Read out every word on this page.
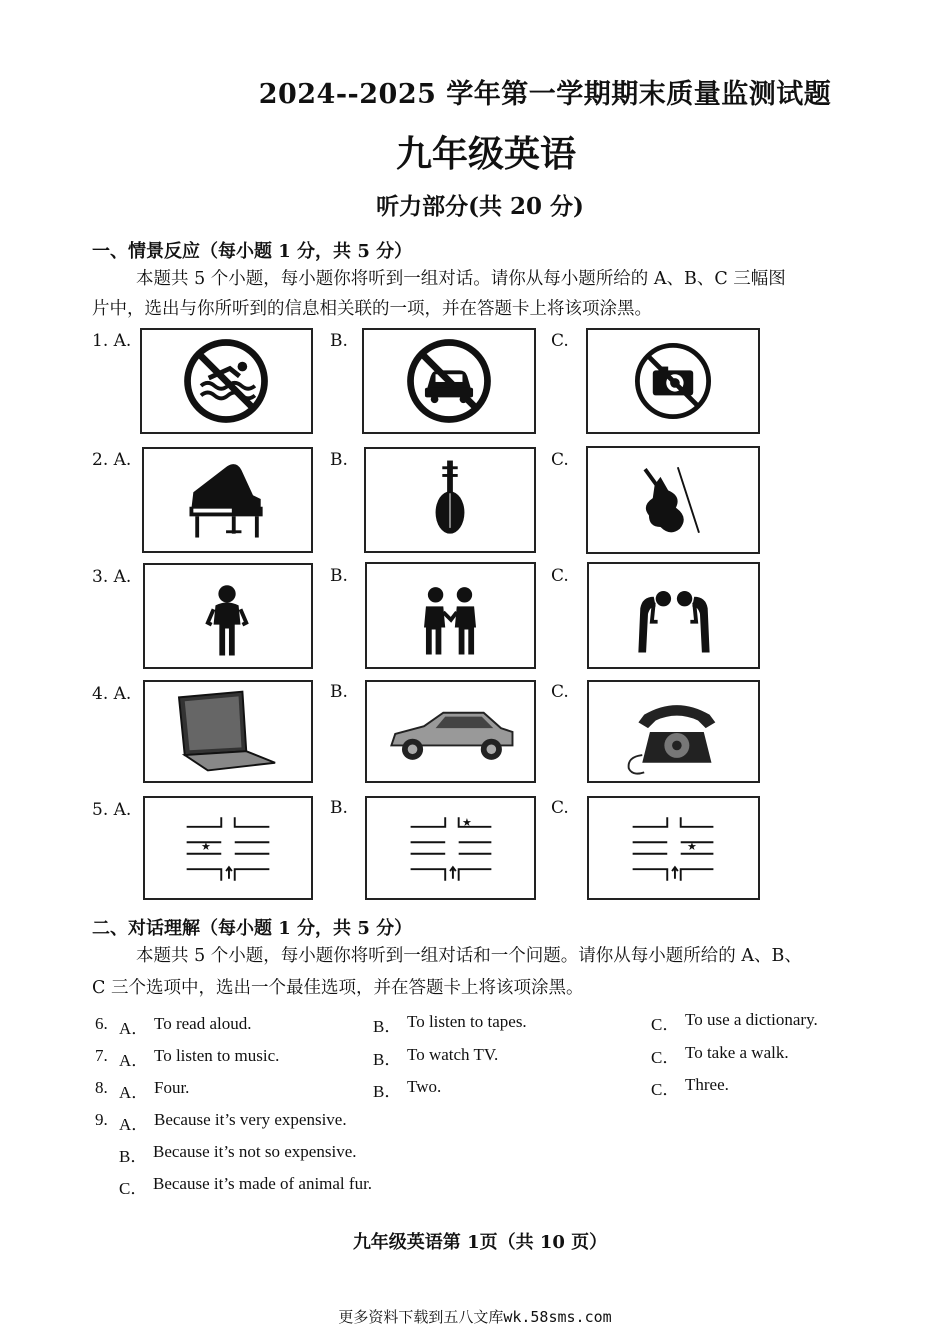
2024--2025 学年第一学期期末质量监测试题
九年级英语
听力部分(共 20 分)
一、情景反应（每小题 1 分，共 5 分）
本题共 5 个小题，每小题你将听到一组对话。请你从每小题所给的 A、B、C 三幅图
片中，选出与你所听到的信息相关联的一项，并在答题卡上将该项涂黑。
1. A.	B.	C.
2. A.	B.	C.
3. A.	B.	C.
4. A.	B.	C.
5. A.	B.	C.
★
★
★
二、对话理解（每小题 1 分，共 5 分）
本题共 5 个小题，每小题你将听到一组对话和一个问题。请你从每小题所给的 A、B、
C 三个选项中，选出一个最佳选项，并在答题卡上将该项涂黑。
6. A． To read aloud.	B． To listen to tapes.	C． To use a dictionary.
7. A． To listen to music.	B． To watch TV.	C． To take a walk.
8. A． Four.	B． Two.	C． Three.
9. A． Because it’s very expensive.
B． Because it’s not so expensive.
C． Because it’s made of animal fur.
九年级英语第 1页（共 10 页）
更多资料下载到五八文库wk.58sms.com
